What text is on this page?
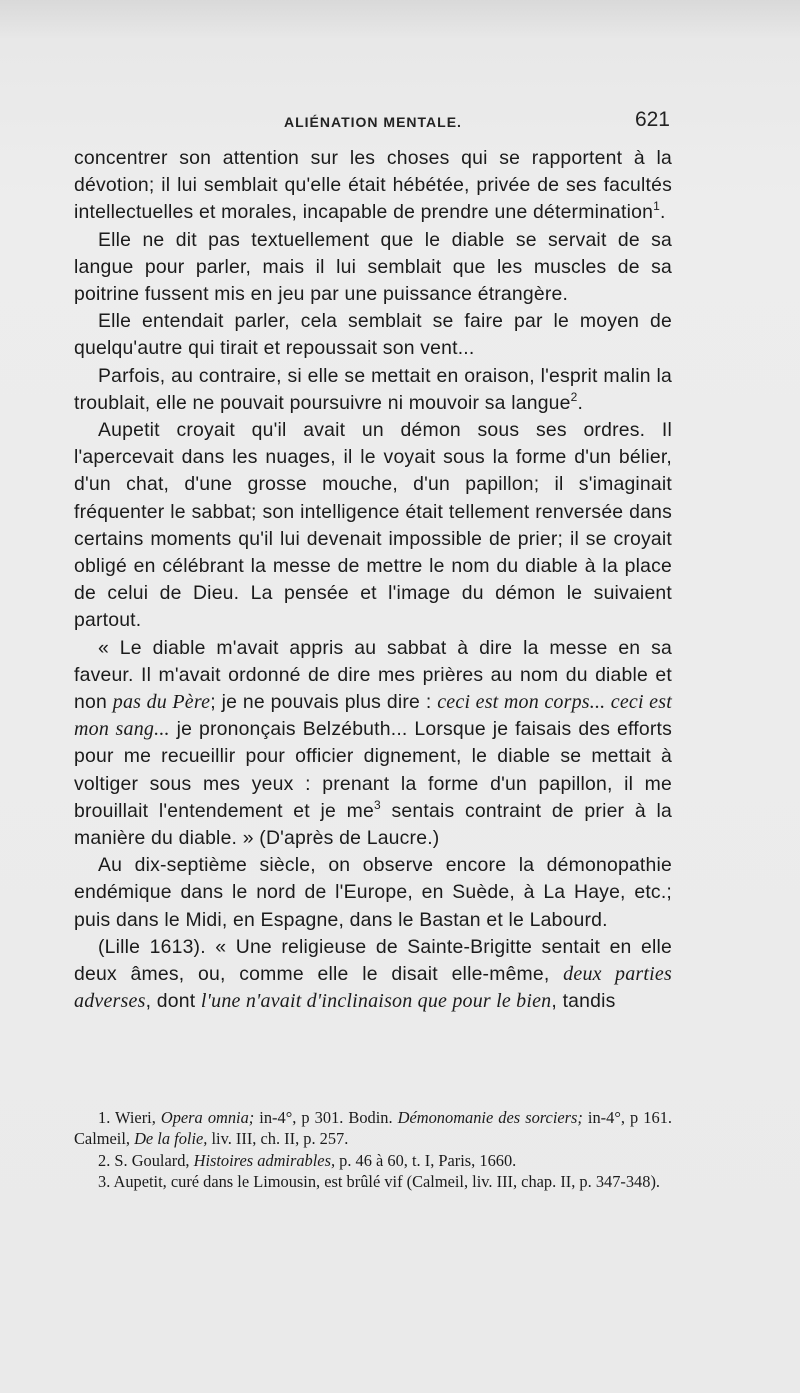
ALIÉNATION MENTALE.	621

concentrer son attention sur les choses qui se rapportent à la dévotion; il lui semblait qu'elle était hébétée, privée de ses facultés intellectuelles et morales, incapable de prendre une détermination$^1$.

Elle ne dit pas textuellement que le diable se servait de sa langue pour parler, mais il lui semblait que les muscles de sa poitrine fussent mis en jeu par une puissance étrangère.

Elle entendait parler, cela semblait se faire par le moyen de quelqu'autre qui tirait et repoussait son vent...

Parfois, au contraire, si elle se mettait en oraison, l'esprit malin la troublait, elle ne pouvait poursuivre ni mouvoir sa langue$^2$.

Aupetit croyait qu'il avait un démon sous ses ordres. Il l'apercevait dans les nuages, il le voyait sous la forme d'un bélier, d'un chat, d'une grosse mouche, d'un papillon; il s'imaginait fréquenter le sabbat; son intelligence était tellement renversée dans certains moments qu'il lui devenait impossible de prier; il se croyait obligé en célébrant la messe de mettre le nom du diable à la place de celui de Dieu. La pensée et l'image du démon le suivaient partout.

« Le diable m'avait appris au sabbat à dire la messe en sa faveur. Il m'avait ordonné de dire mes prières au nom du diable et non pas du Père; je ne pouvais plus dire : ceci est mon corps... ceci est mon sang... je prononçais Belzébuth... Lorsque je faisais des efforts pour me recueillir pour officier dignement, le diable se mettait à voltiger sous mes yeux : prenant la forme d'un papillon, il me brouillait l'entendement et je $me^3$ sentais contraint de prier à la manière du diable. » (D'après de Laucre.)

Au dix-septième siècle, on observe encore la démonopathie endémique dans le nord de l'Europe, en Suède, à La Haye, etc.; puis dans le Midi, en Espagne, dans le Bastan et le Labourd.

(Lille 1613). « Une religieuse de Sainte-Brigitte sentait en elle deux âmes, ou, comme elle le disait elle-même, deux parties adverses, dont l'une n'avait d'inclinaison que pour le bien, tandis

1. Wieri, Opera omnia; in-4°, p 301. Bodin. Démonomanie des sorciers; in-4°, p 161. Calmeil, De la folie, liv. III, ch. II, p. 257.

2. S. Goulard, Histoires admirables, p. 46 à 60, t. I, Paris, 1660.

3. Aupetit, curé dans le Limousin, est brûlé vif (Calmeil, liv. III, chap. II, p. 347-348).
